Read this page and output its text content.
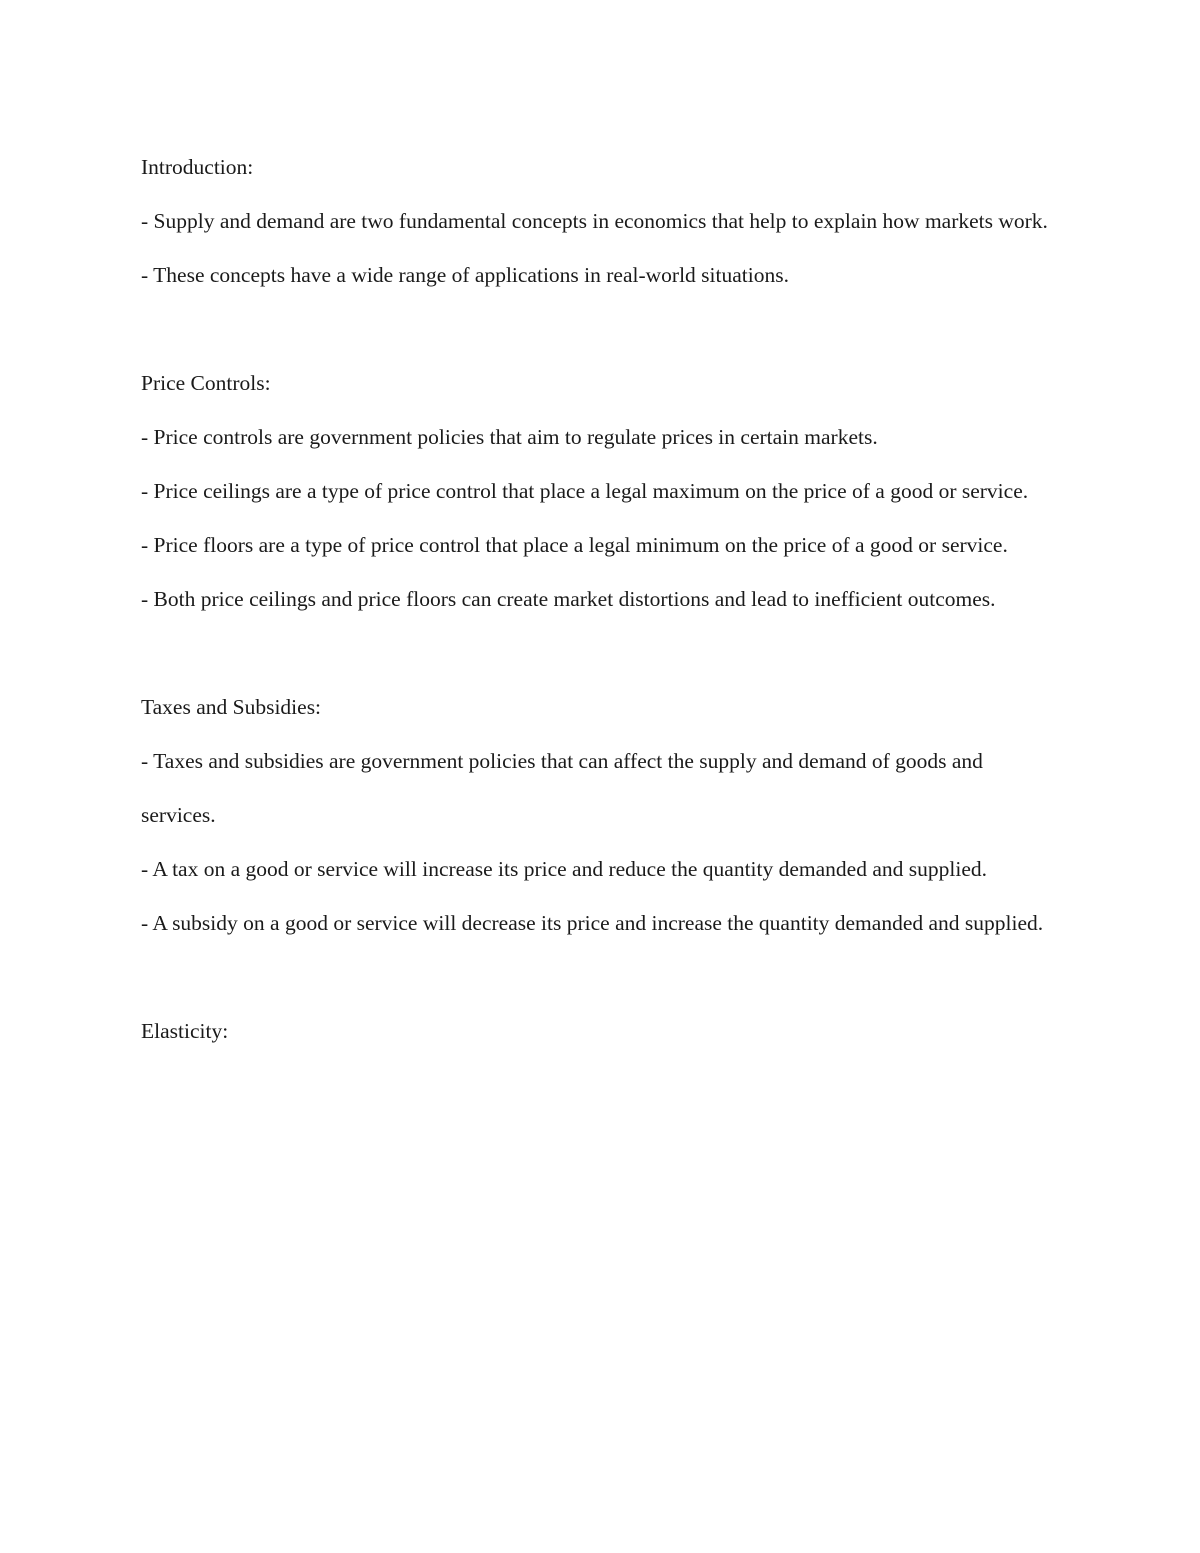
Introduction:

- Supply and demand are two fundamental concepts in economics that help to explain how markets work.

- These concepts have a wide range of applications in real-world situations.

Price Controls:

- Price controls are government policies that aim to regulate prices in certain markets.

- Price ceilings are a type of price control that place a legal maximum on the price of a good or service.

- Price floors are a type of price control that place a legal minimum on the price of a good or service.

- Both price ceilings and price floors can create market distortions and lead to inefficient outcomes.

Taxes and Subsidies:

- Taxes and subsidies are government policies that can affect the supply and demand of goods and services.

- A tax on a good or service will increase its price and reduce the quantity demanded and supplied.

- A subsidy on a good or service will decrease its price and increase the quantity demanded and supplied.

Elasticity:
